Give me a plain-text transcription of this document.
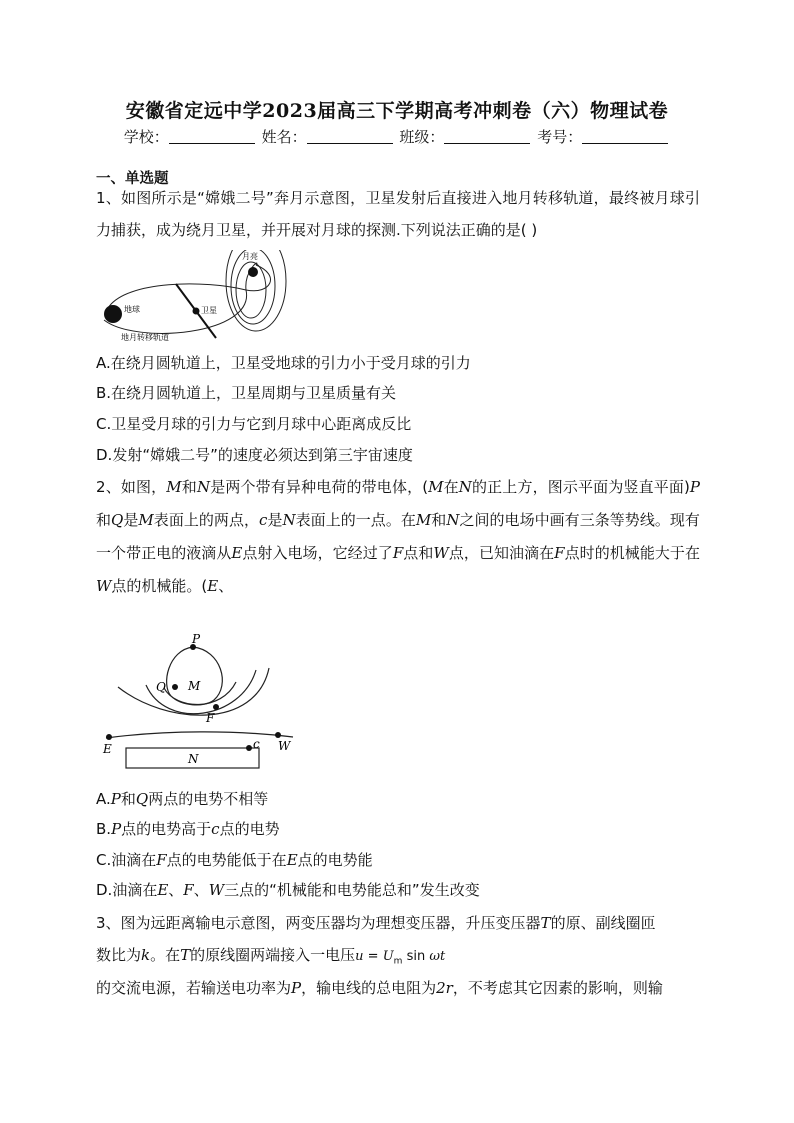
安徽省定远中学2023届高三下学期高考冲刺卷（六）物理试卷
学校：	姓名：	班级：	考号：
一、单选题

1、如图所示是“嫦娥二号”奔月示意图，卫星发射后直接进入地月转移轨道，最终被月球引力捕获，成为绕月卫星，并开展对月球的探测.下列说法正确的是( )

月亮
地球	卫星
地月转移轨道
A.在绕月圆轨道上，卫星受地球的引力小于受月球的引力
B.在绕月圆轨道上，卫星周期与卫星质量有关
C.卫星受月球的引力与它到月球中心距离成反比
D.发射“嫦娥二号”的速度必须达到第三宇宙速度

2、如图，M和N是两个带有异种电荷的带电体，(M在N的正上方，图示平面为竖直平面)P和Q是M表面上的两点，c是N表面上的一点。在M和N之间的电场中画有三条等势线。现有一个带正电的液滴从E点射入电场，它经过了F点和W点，已知油滴在F点时的机械能大于在W点的机械能。(E、

P
Q M
F
E	c W
N
A.P和Q两点的电势不相等
B.P点的电势高于c点的电势
C.油滴在F点的电势能低于在E点的电势能
D.油滴在E、F、W三点的“机械能和电势能总和”发生改变
3、图为远距离输电示意图，两变压器均为理想变压器，升压变压器T的原、副线圈匝
数比为k。在T的原线圈两端接入一电压$u = U_m$ sin ωt
的交流电源，若输送电功率为P，输电线的总电阻为2r，不考虑其它因素的影响，则输
